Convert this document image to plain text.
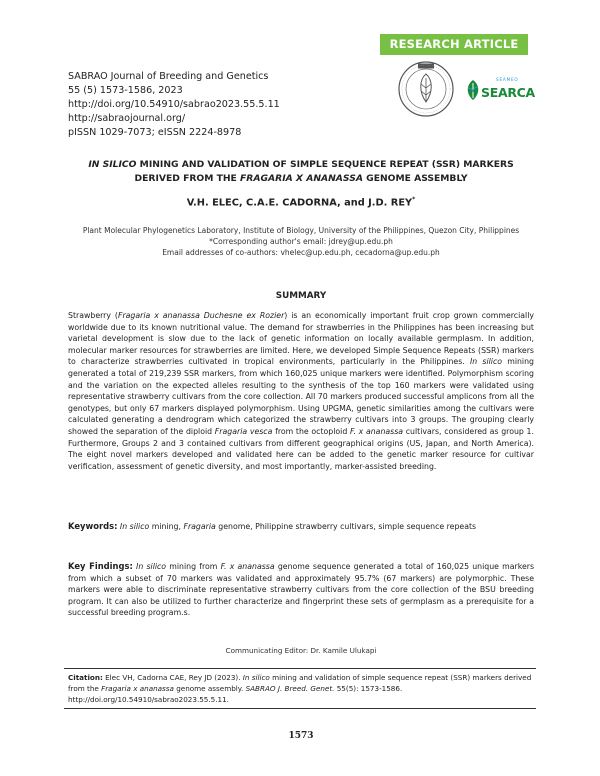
RESEARCH ARTICLE
SABRAO Journal of Breeding and Genetics
55 (5) 1573-1586, 2023
http://doi.org/10.54910/sabrao2023.55.5.11
http://sabraojournal.org/
pISSN 1029-7073; eISSN 2224-8978
SEAMEO
SEARCA
IN SILICO MINING AND VALIDATION OF SIMPLE SEQUENCE REPEAT (SSR) MARKERS DERIVED FROM THE FRAGARIA X ANANASSA GENOME ASSEMBLY
V.H. ELEC, C.A.E. CADORNA, and J.D. REY*
Plant Molecular Phylogenetics Laboratory, Institute of Biology, University of the Philippines, Quezon City, Philippines
*Corresponding author's email: jdrey@up.edu.ph
Email addresses of co-authors: vhelec@up.edu.ph, cecadorna@up.edu.ph
SUMMARY
Strawberry (Fragaria x ananassa Duchesne ex Rozier) is an economically important fruit crop grown commercially worldwide due to its known nutritional value. The demand for strawberries in the Philippines has been increasing but varietal development is slow due to the lack of genetic information on locally available germplasm. In addition, molecular marker resources for strawberries are limited. Here, we developed Simple Sequence Repeats (SSR) markers to characterize strawberries cultivated in tropical environments, particularly in the Philippines. In silico mining generated a total of 219,239 SSR markers, from which 160,025 unique markers were identified. Polymorphism scoring and the variation on the expected alleles resulting to the synthesis of the top 160 markers were validated using representative strawberry cultivars from the core collection. All 70 markers produced successful amplicons from all the genotypes, but only 67 markers displayed polymorphism. Using UPGMA, genetic similarities among the cultivars were calculated generating a dendrogram which categorized the strawberry cultivars into 3 groups. The grouping clearly showed the separation of the diploid Fragaria vesca from the octoploid F. x ananassa cultivars, considered as group 1. Furthermore, Groups 2 and 3 contained cultivars from different geographical origins (US, Japan, and North America). The eight novel markers developed and validated here can be added to the genetic marker resource for cultivar verification, assessment of genetic diversity, and most importantly, marker-assisted breeding.
Keywords: In silico mining, Fragaria genome, Philippine strawberry cultivars, simple sequence repeats
Key Findings: In silico mining from F. x ananassa genome sequence generated a total of 160,025 unique markers from which a subset of 70 markers was validated and approximately 95.7% (67 markers) are polymorphic. These markers were able to discriminate representative strawberry cultivars from the core collection of the BSU breeding program. It can also be utilized to further characterize and fingerprint these sets of germplasm as a prerequisite for a successful breeding program.s.
Communicating Editor: Dr. Kamile Ulukapi
Citation: Elec VH, Cadorna CAE, Rey JD (2023). In silico mining and validation of simple sequence repeat (SSR) markers derived from the Fragaria x ananassa genome assembly. SABRAO J. Breed. Genet. 55(5): 1573-1586. http://doi.org/10.54910/sabrao2023.55.5.11.
1573
